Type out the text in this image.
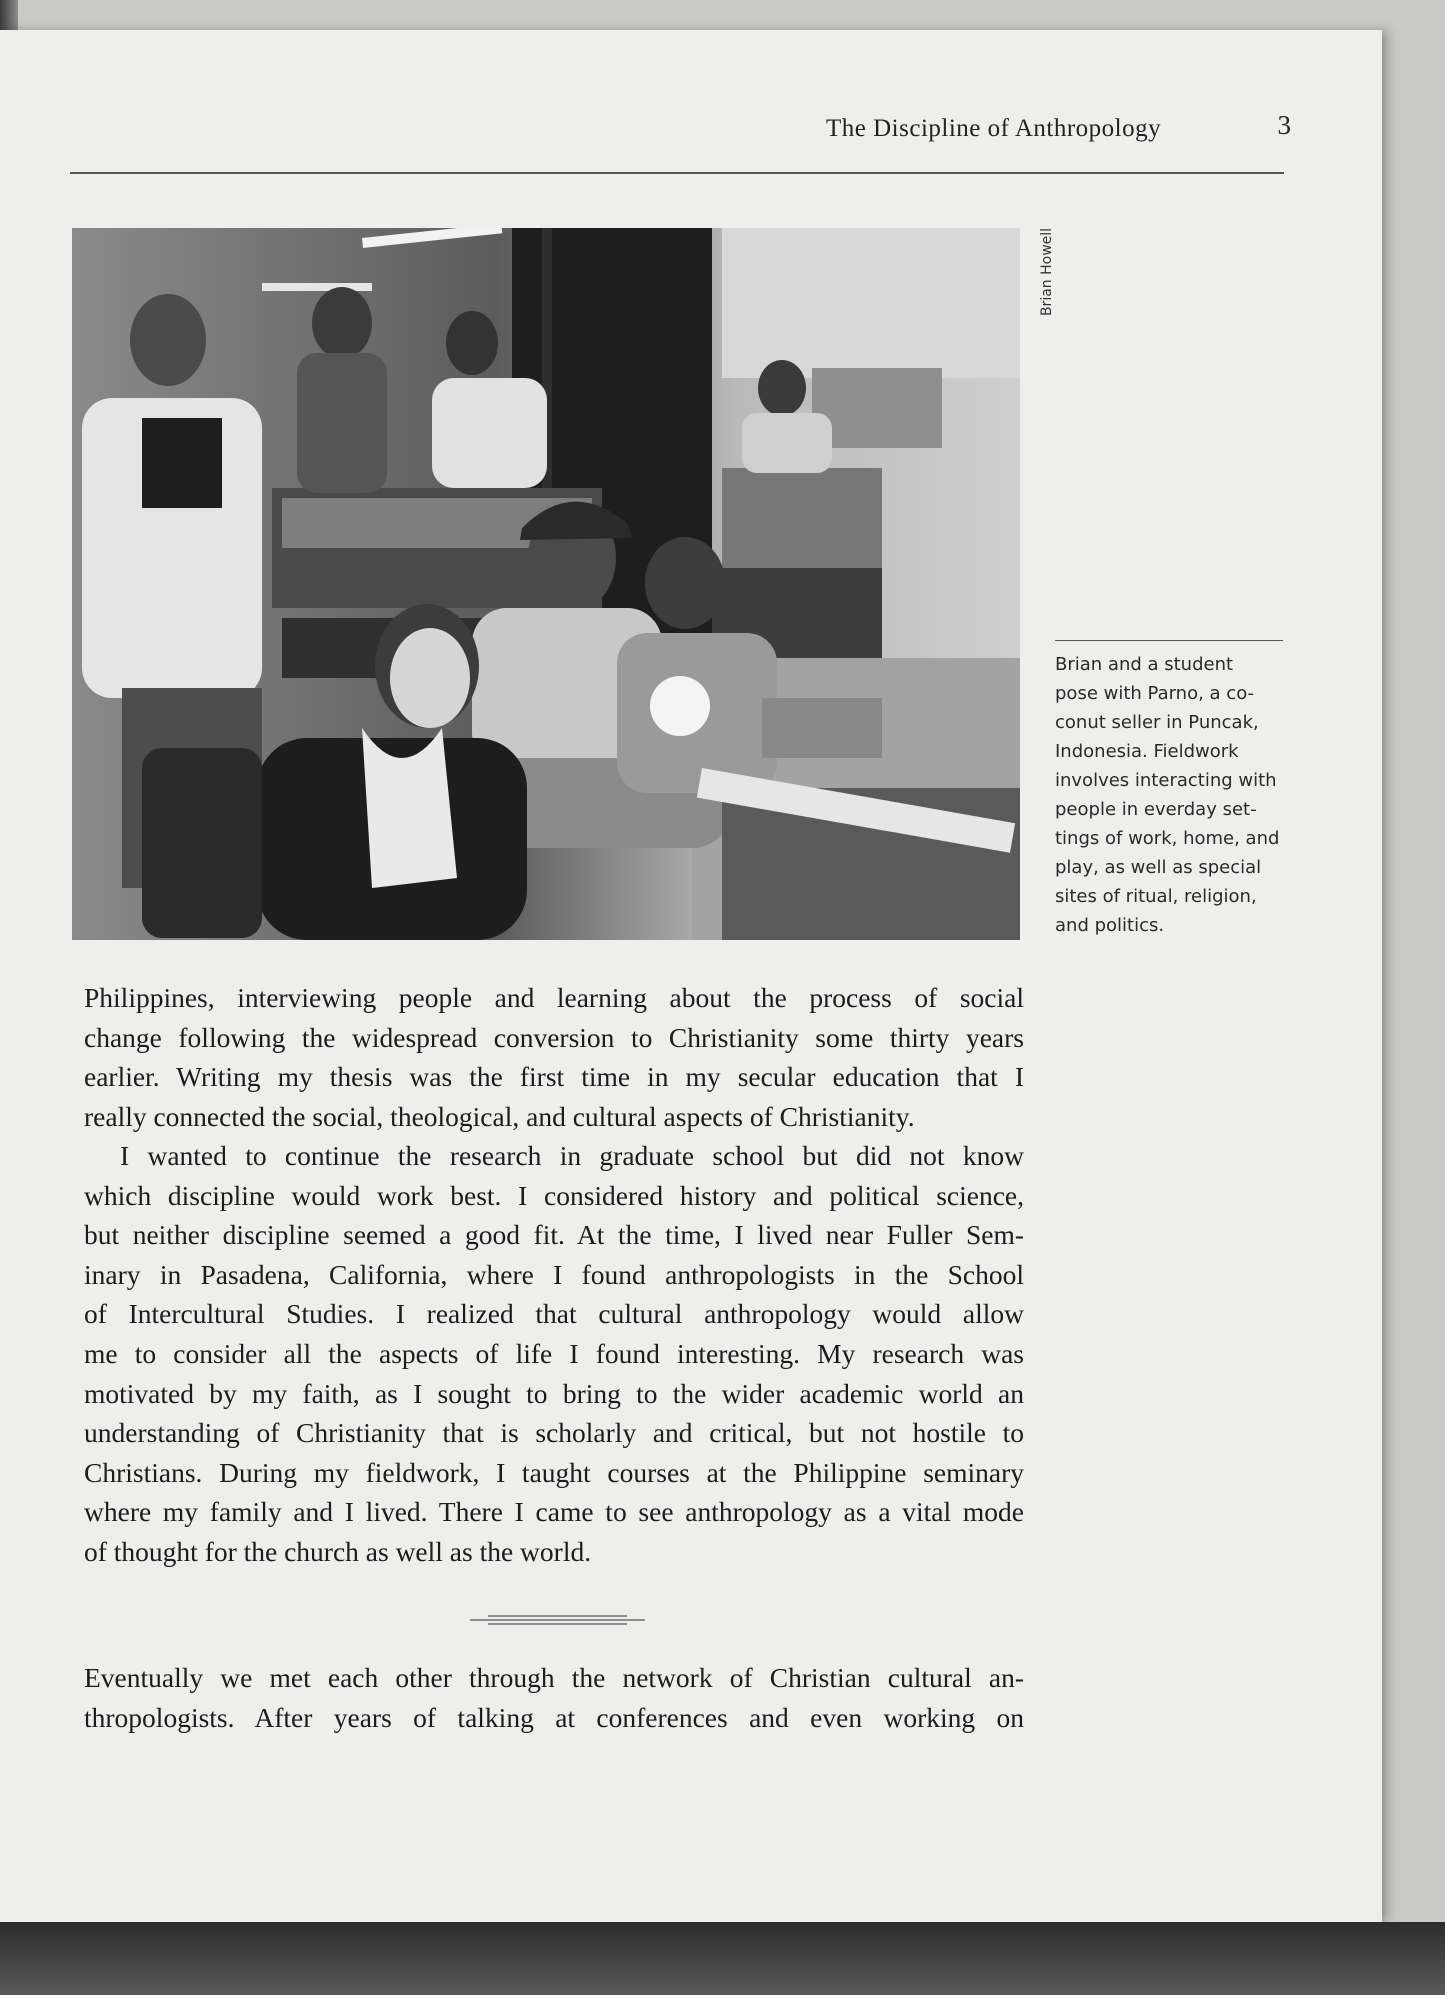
The Discipline of Anthropology	3
Brian Howell
Brian and a student
pose with Parno, a co-
conut seller in Puncak,
Indonesia. Fieldwork
involves interacting with
people in everday set-
tings of work, home, and
play, as well as special
sites of ritual, religion,
and politics.
Philippines, interviewing people and learning about the process of social
change following the widespread conversion to Christianity some thirty years
earlier. Writing my thesis was the first time in my secular education that I
really connected the social, theological, and cultural aspects of Christianity.
I wanted to continue the research in graduate school but did not know
which discipline would work best. I considered history and political science,
but neither discipline seemed a good fit. At the time, I lived near Fuller Sem-
inary in Pasadena, California, where I found anthropologists in the School
of Intercultural Studies. I realized that cultural anthropology would allow
me to consider all the aspects of life I found interesting. My research was
motivated by my faith, as I sought to bring to the wider academic world an
understanding of Christianity that is scholarly and critical, but not hostile to
Christians. During my fieldwork, I taught courses at the Philippine seminary
where my family and I lived. There I came to see anthropology as a vital mode
of thought for the church as well as the world.
Eventually we met each other through the network of Christian cultural an-
thropologists. After years of talking at conferences and even working on
